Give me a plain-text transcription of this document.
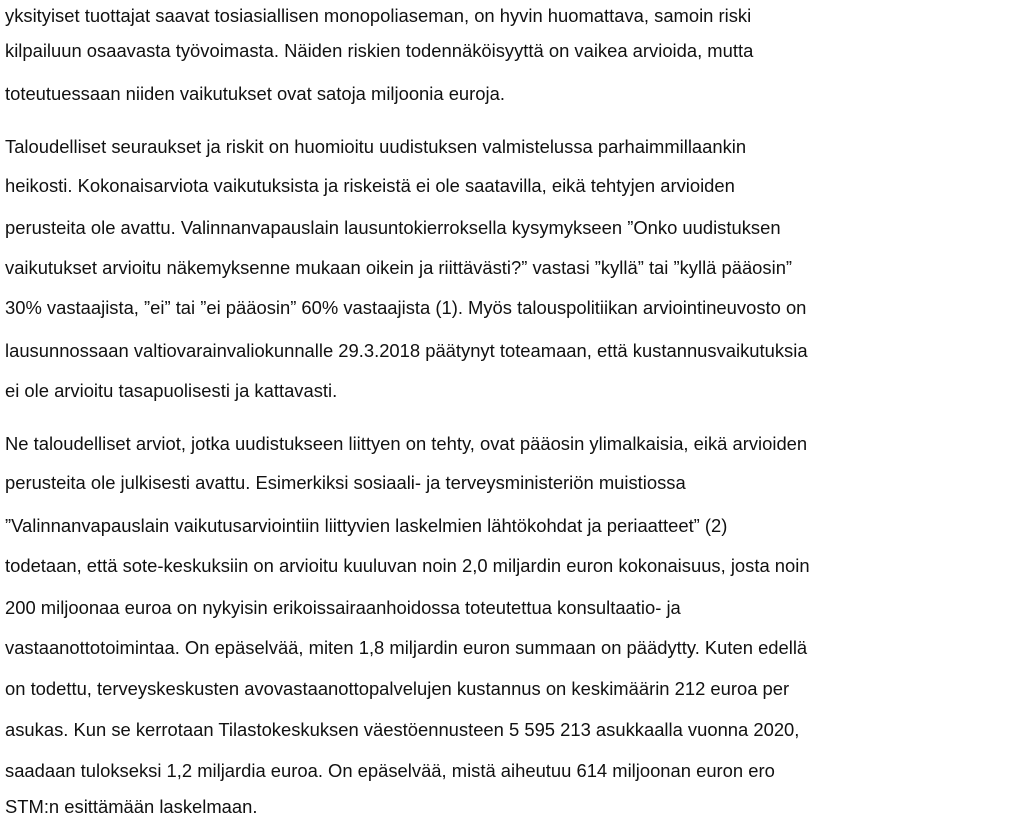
yksityiset tuottajat saavat tosiasiallisen monopoliaseman, on hyvin huomattava, samoin riski
kilpailuun osaavasta työvoimasta. Näiden riskien todennäköisyyttä on vaikea arvioida, mutta
toteutuessaan niiden vaikutukset ovat satoja miljoonia euroja.
Taloudelliset seuraukset ja riskit on huomioitu uudistuksen valmistelussa parhaimmillaankin
heikosti. Kokonaisarviota vaikutuksista ja riskeistä ei ole saatavilla, eikä tehtyjen arvioiden
perusteita ole avattu. Valinnanvapauslain lausuntokierroksella kysymykseen ”Onko uudistuksen
vaikutukset arvioitu näkemyksenne mukaan oikein ja riittävästi?” vastasi ”kyllä” tai ”kyllä pääosin”
30% vastaajista, ”ei” tai ”ei pääosin” 60% vastaajista (1). Myös talouspolitiikan arviointineuvosto on
lausunnossaan valtiovarainvaliokunnalle 29.3.2018 päätynyt toteamaan, että kustannusvaikutuksia
ei ole arvioitu tasapuolisesti ja kattavasti.
Ne taloudelliset arviot, jotka uudistukseen liittyen on tehty, ovat pääosin ylimalkaisia, eikä arvioiden
perusteita ole julkisesti avattu. Esimerkiksi sosiaali- ja terveysministeriön muistiossa
”Valinnanvapauslain vaikutusarviointiin liittyvien laskelmien lähtökohdat ja periaatteet” (2)
todetaan, että sote-keskuksiin on arvioitu kuuluvan noin 2,0 miljardin euron kokonaisuus, josta noin
200 miljoonaa euroa on nykyisin erikoissairaanhoidossa toteutettua konsultaatio- ja
vastaanottotoimintaa. On epäselvää, miten 1,8 miljardin euron summaan on päädytty. Kuten edellä
on todettu, terveyskeskusten avovastaanottopalvelujen kustannus on keskimäärin 212 euroa per
asukas. Kun se kerrotaan Tilastokeskuksen väestöennusteen 5 595 213 asukkaalla vuonna 2020,
saadaan tulokseksi 1,2 miljardia euroa. On epäselvää, mistä aiheutuu 614 miljoonan euron ero
STM:n esittämään laskelmaan.
